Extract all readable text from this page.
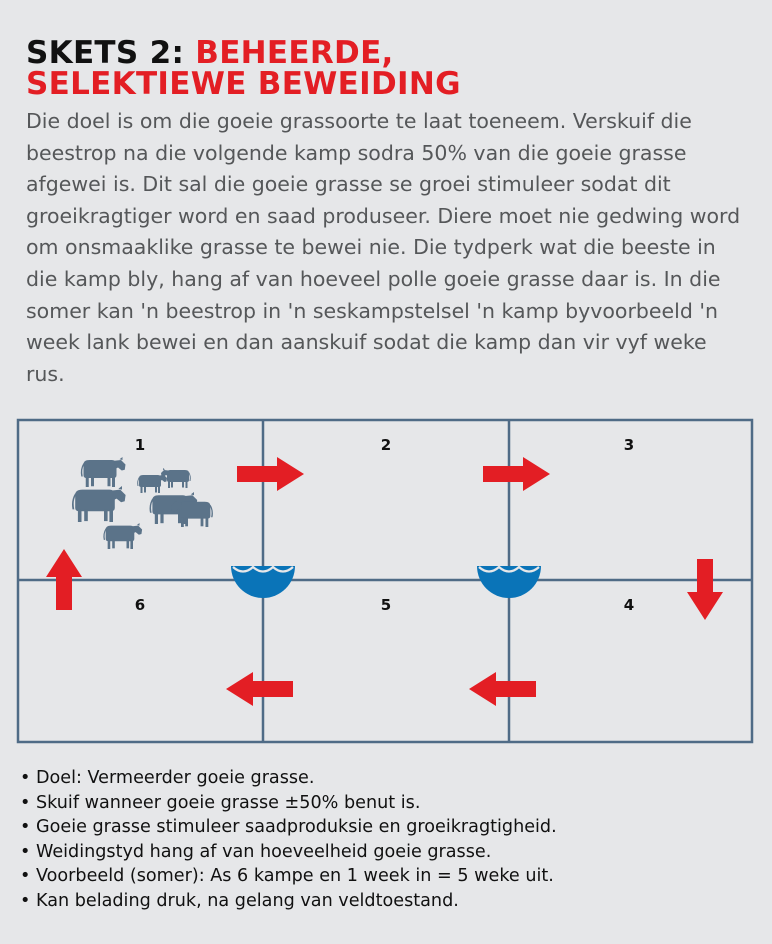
SKETS 2: BEHEERDE,
SELEKTIEWE BEWEIDING

Die doel is om die goeie grassoorte te laat toeneem. Verskuif die beestrop na die volgende kamp sodra 50% van die goeie grasse afgewei is. Dit sal die goeie grasse se groei stimuleer sodat dit groeikragtiger word en saad produseer. Diere moet nie gedwing word om onsmaaklike grasse te bewei nie. Die tydperk wat die beeste in die kamp bly, hang af van hoeveel polle goeie grasse daar is. In die somer kan 'n beestrop in 'n seskampstelsel 'n kamp byvoorbeeld 'n week lank bewei en dan aanskuif sodat die kamp dan vir vyf weke rus.

1	2	3
4
5
6
• Doel: Vermeerder goeie grasse.
• Skuif wanneer goeie grasse ±50% benut is.
• Goeie grasse stimuleer saadproduksie en groeikragtigheid.
• Weidingstyd hang af van hoeveelheid goeie grasse.
• Voorbeeld (somer): As 6 kampe en 1 week in = 5 weke uit.
• Kan belading druk, na gelang van veldtoestand.
